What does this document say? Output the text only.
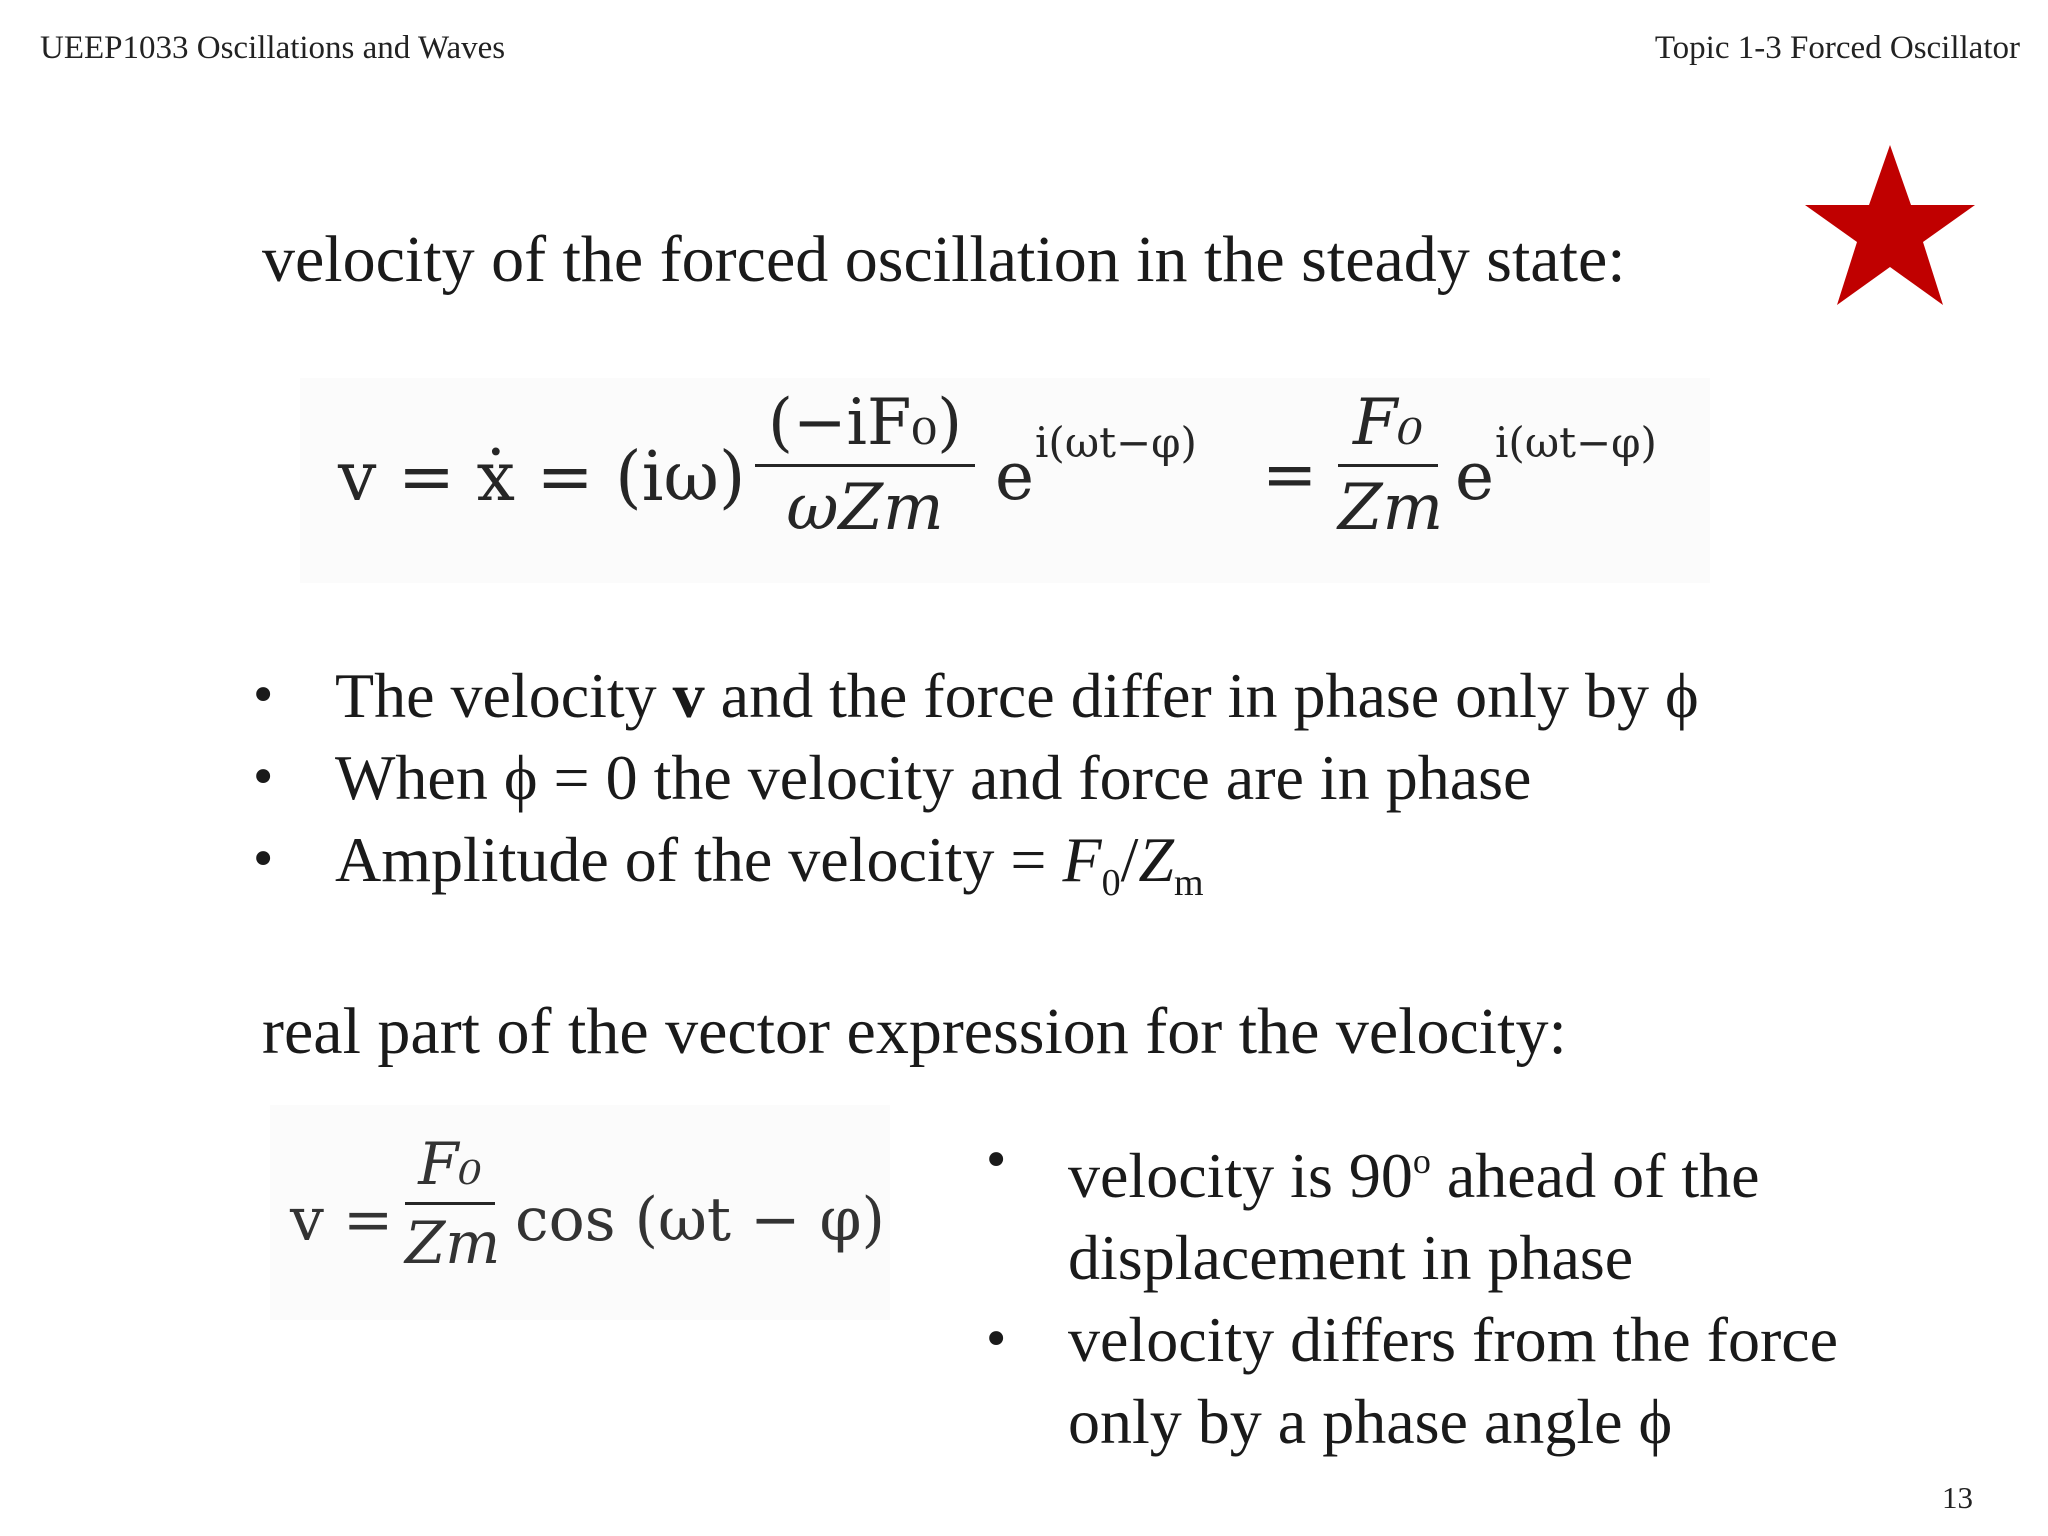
UEEP1033 Oscillations and Waves	Topic 1-3 Forced Oscillator
velocity of the forced oscillation in the steady state:
v = ẋ = (iω)
(−iF₀)
ωZm e i(ωt−φ) =
F₀
Zm e i(ωt−φ)
• The velocity v and the force differ in phase only by ϕ
• When ϕ = 0 the velocity and force are in phase
• Amplitude of the velocity = $F_0/Z_m$
real part of the vector expression for the velocity:
v =
F₀
Zm cos (ωt − φ)
• velocity is 90$^o$ ahead of the
displacement in phase
• velocity differs from the force
only by a phase angle ϕ
13
